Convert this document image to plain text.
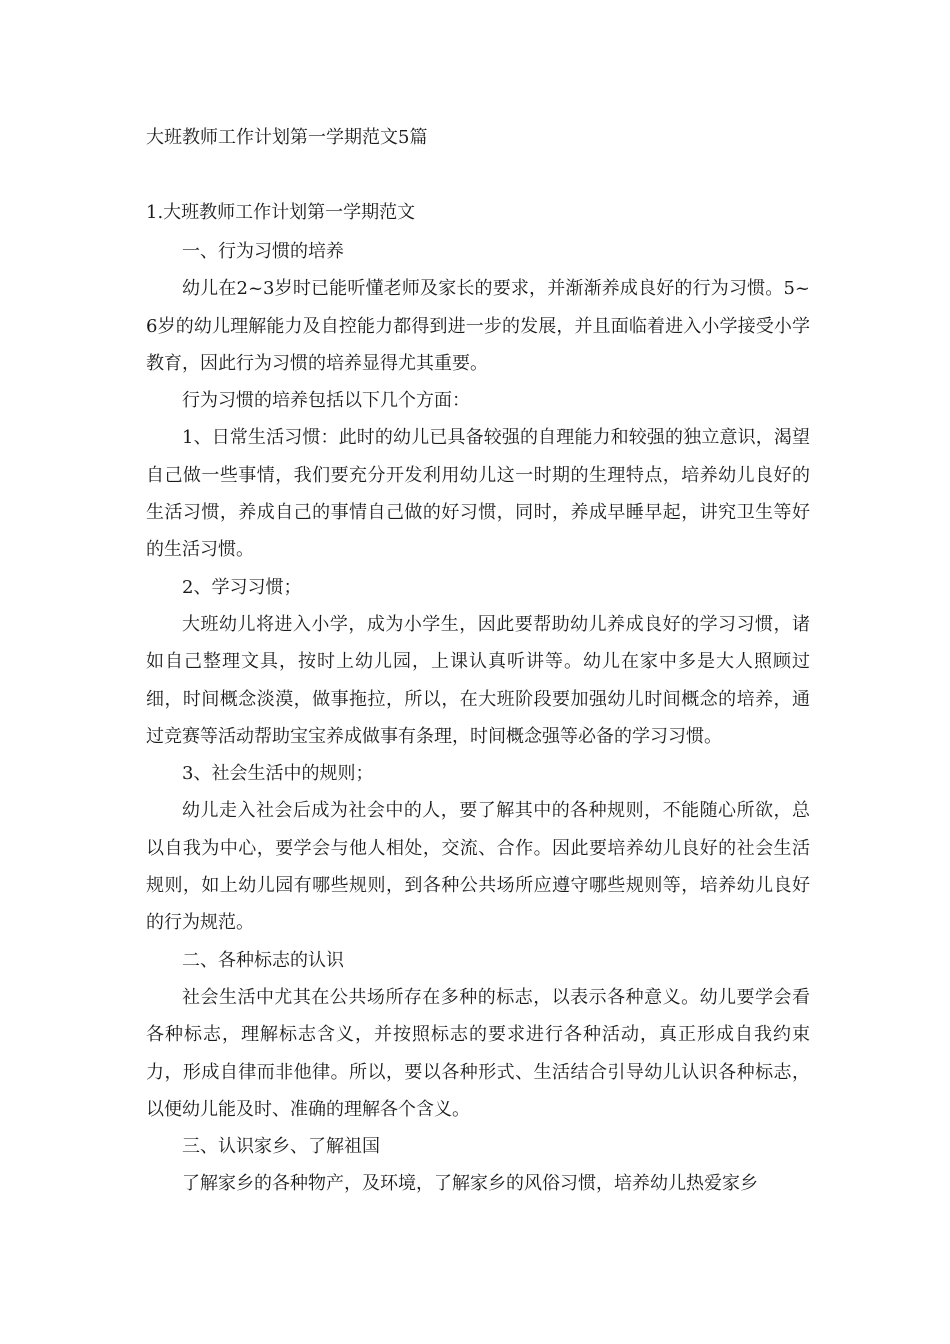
大班教师工作计划第一学期范文5篇
1.大班教师工作计划第一学期范文

一、行为习惯的培养

幼儿在2~3岁时已能听懂老师及家长的要求，并渐渐养成良好的行为习惯。5~6岁的幼儿理解能力及自控能力都得到进一步的发展，并且面临着进入小学接受小学教育，因此行为习惯的培养显得尤其重要。

行为习惯的培养包括以下几个方面：

1、日常生活习惯：此时的幼儿已具备较强的自理能力和较强的独立意识，渴望自己做一些事情，我们要充分开发利用幼儿这一时期的生理特点，培养幼儿良好的生活习惯，养成自己的事情自己做的好习惯，同时，养成早睡早起，讲究卫生等好的生活习惯。

2、学习习惯；

大班幼儿将进入小学，成为小学生，因此要帮助幼儿养成良好的学习习惯，诸如自己整理文具，按时上幼儿园，上课认真听讲等。幼儿在家中多是大人照顾过细，时间概念淡漠，做事拖拉，所以，在大班阶段要加强幼儿时间概念的培养，通过竞赛等活动帮助宝宝养成做事有条理，时间概念强等必备的学习习惯。

3、社会生活中的规则；

幼儿走入社会后成为社会中的人，要了解其中的各种规则，不能随心所欲，总以自我为中心，要学会与他人相处，交流、合作。因此要培养幼儿良好的社会生活规则，如上幼儿园有哪些规则，到各种公共场所应遵守哪些规则等，培养幼儿良好的行为规范。

二、各种标志的认识

社会生活中尤其在公共场所存在多种的标志，以表示各种意义。幼儿要学会看各种标志，理解标志含义，并按照标志的要求进行各种活动，真正形成自我约束力，形成自律而非他律。所以，要以各种形式、生活结合引导幼儿认识各种标志，以便幼儿能及时、准确的理解各个含义。

三、认识家乡、了解祖国

了解家乡的各种物产，及环境，了解家乡的风俗习惯，培养幼儿热爱家乡
